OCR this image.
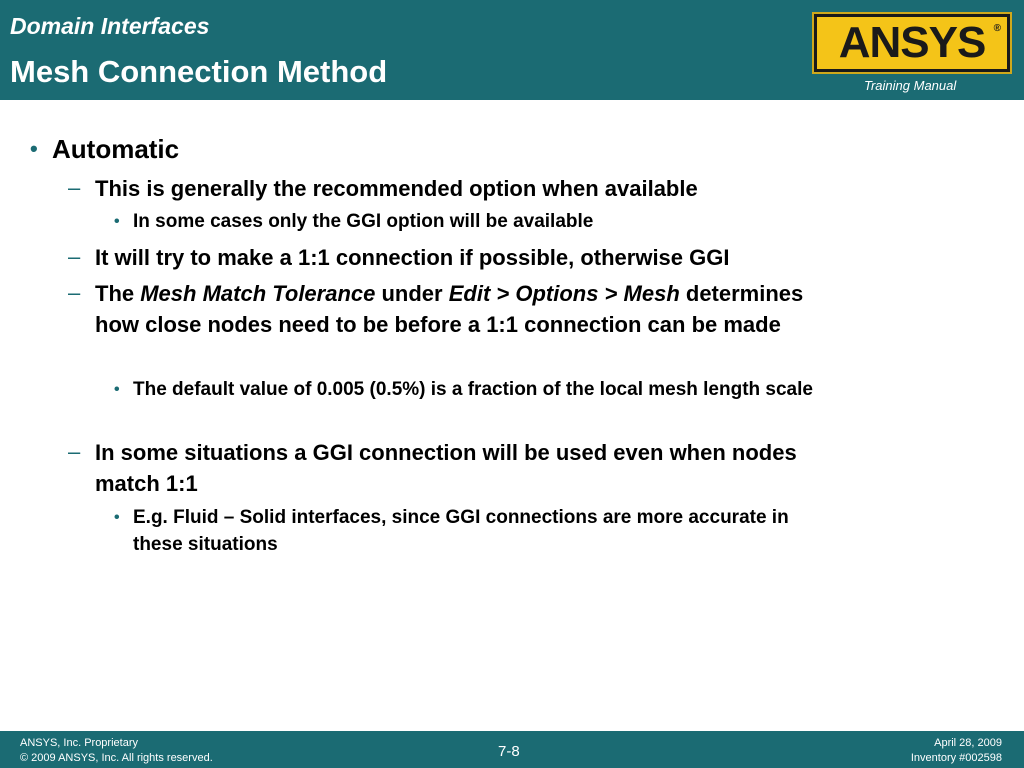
Domain Interfaces
Mesh Connection Method
ANSYS ®
Training Manual
• Automatic
– This is generally the recommended option when available
• In some cases only the GGI option will be available
– It will try to make a 1:1 connection if possible, otherwise GGI
– The Mesh Match Tolerance under Edit > Options > Mesh determines how close nodes need to be before a 1:1 connection can be made
• The default value of 0.005 (0.5%) is a fraction of the local mesh length scale
– In some situations a GGI connection will be used even when nodes match 1:1
• E.g. Fluid – Solid interfaces, since GGI connections are more accurate in these situations
ANSYS, Inc. Proprietary
© 2009 ANSYS, Inc. All rights reserved.	7-8	April 28, 2009
Inventory #002598
